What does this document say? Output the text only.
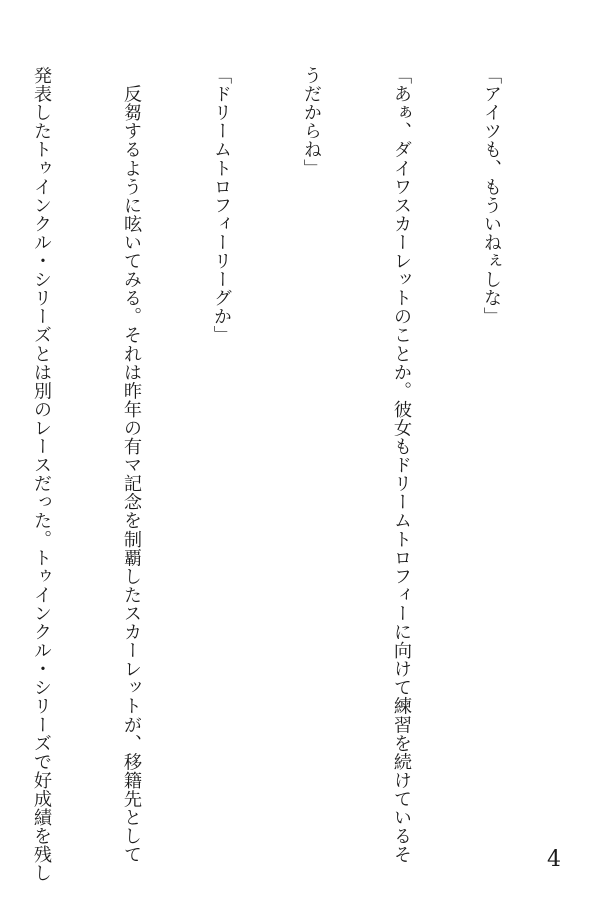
「アイツも、もういねぇしな」

「あぁ、ダイワスカーレットのことか。彼女もドリームトロフィーに向けて練習を続けているそ

うだからね」

「ドリームトロフィーリーグか」

　反芻するように呟いてみる。それは昨年の有マ記念を制覇したスカーレットが、移籍先として

発表したトゥインクル・シリーズとは別のレースだった。トゥインクル・シリーズで好成績を残し

	4
